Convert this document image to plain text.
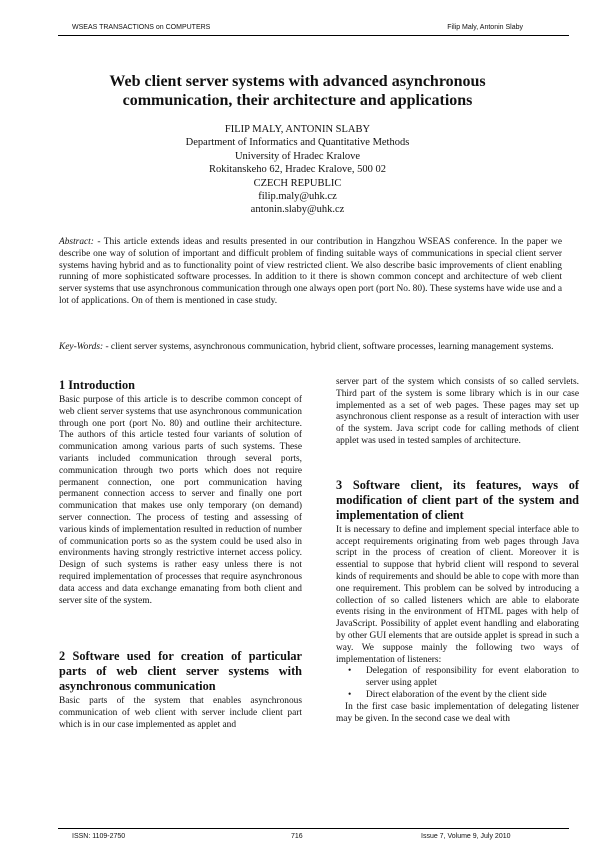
WSEAS TRANSACTIONS on COMPUTERS	Filip Maly, Antonin Slaby
Web client server systems with advanced asynchronous
communication, their architecture and applications
FILIP MALY, ANTONIN SLABY
Department of Informatics and Quantitative Methods
University of Hradec Kralove
Rokitanskeho 62, Hradec Kralove, 500 02
CZECH REPUBLIC
filip.maly@uhk.cz
antonin.slaby@uhk.cz
Abstract: - This article extends ideas and results presented in our contribution in Hangzhou WSEAS conference. In the paper we describe one way of solution of important and difficult problem of finding suitable ways of communications in special client server systems having hybrid and as to functionality point of view restricted client. We also describe basic improvements of client enabling running of more sophisticated software processes. In addition to it there is shown common concept and architecture of web client server systems that use asynchronous communication through one always open port (port No. 80). These systems have wide use and a lot of applications. On of them is mentioned in case study.
Key-Words: - client server systems, asynchronous communication, hybrid client, software processes, learning management systems.
1 Introduction

Basic purpose of this article is to describe common concept of web client server systems that use asynchronous communication through one port (port No. 80) and outline their architecture. The authors of this article tested four variants of solution of communication among various parts of such systems. These variants included communication through several ports, communication through two ports which does not require permanent connection, one port communication having permanent connection access to server and finally one port communication that makes use only temporary (on demand) server connection. The process of testing and assessing of various kinds of implementation resulted in reduction of number of communication ports so as the system could be used also in environments having strongly restrictive internet access policy. Design of such systems is rather easy unless there is not required implementation of processes that require asynchronous data access and data exchange emanating from both client and server site of the system.

2 Software used for creation of particular parts of web client server systems with asynchronous communication

Basic parts of the system that enables asynchronous communication of web client with server include client part which is in our case implemented as applet and

server part of the system which consists of so called servlets. Third part of the system is some library which is in our case implemented as a set of web pages. These pages may set up asynchronous client response as a result of interaction with user of the system. Java script code for calling methods of client applet was used in tested samples of architecture.

3 Software client, its features, ways of modification of client part of the system and implementation of client

It is necessary to define and implement special interface able to accept requirements originating from web pages through Java script in the process of creation of client. Moreover it is essential to suppose that hybrid client will respond to several kinds of requirements and should be able to cope with more than one requirement. This problem can be solved by introducing a collection of so called listeners which are able to elaborate events rising in the environment of HTML pages with help of JavaScript. Possibility of applet event handling and elaborating by other GUI elements that are outside applet is spread in such a way. We suppose mainly the following two ways of implementation of listeners:

• Delegation of responsibility for event elaboration to server using applet
• Direct elaboration of the event by the client side

In the first case basic implementation of delegating listener may be given. In the second case we deal with

ISSN: 1109-2750	716	Issue 7, Volume 9, July 2010
